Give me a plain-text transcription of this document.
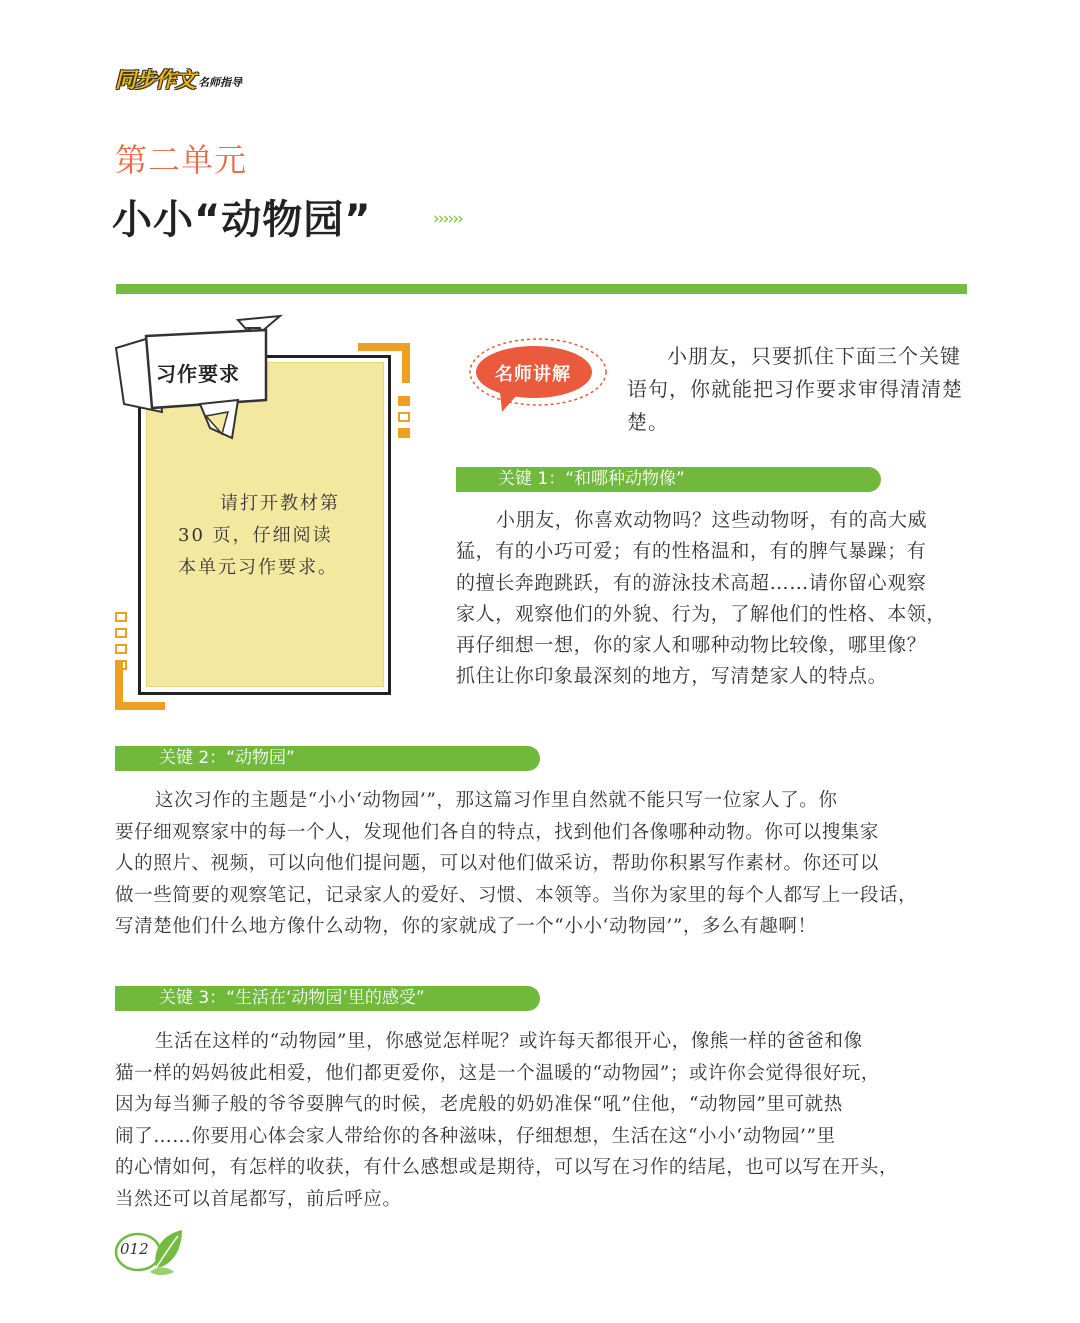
同步作文 名师指导
第二单元
小小“动物园”	››››››
习作要求
请打开教材第
30 页，仔细阅读
本单元习作要求。
名师讲解
小朋友，只要抓住下面三个关键
语句，你就能把习作要求审得清清楚
楚。
关键 1：“和哪种动物像”
小朋友，你喜欢动物吗？这些动物呀，有的高大威
猛，有的小巧可爱；有的性格温和，有的脾气暴躁；有
的擅长奔跑跳跃，有的游泳技术高超……请你留心观察
家人，观察他们的外貌、行为，了解他们的性格、本领，
再仔细想一想，你的家人和哪种动物比较像，哪里像？
抓住让你印象最深刻的地方，写清楚家人的特点。
关键 2：“动物园”
这次习作的主题是“小小‘动物园’”，那这篇习作里自然就不能只写一位家人了。你
要仔细观察家中的每一个人，发现他们各自的特点，找到他们各像哪种动物。你可以搜集家
人的照片、视频，可以向他们提问题，可以对他们做采访，帮助你积累写作素材。你还可以
做一些简要的观察笔记，记录家人的爱好、习惯、本领等。当你为家里的每个人都写上一段话，
写清楚他们什么地方像什么动物，你的家就成了一个“小小‘动物园’”，多么有趣啊！
关键 3：“生活在‘动物园’里的感受”
生活在这样的“动物园”里，你感觉怎样呢？或许每天都很开心，像熊一样的爸爸和像
猫一样的妈妈彼此相爱，他们都更爱你，这是一个温暖的“动物园”；或许你会觉得很好玩，
因为每当狮子般的爷爷耍脾气的时候，老虎般的奶奶准保“吼”住他，“动物园”里可就热
闹了……你要用心体会家人带给你的各种滋味，仔细想想，生活在这“小小‘动物园’”里
的心情如何，有怎样的收获，有什么感想或是期待，可以写在习作的结尾，也可以写在开头，
当然还可以首尾都写，前后呼应。
012
